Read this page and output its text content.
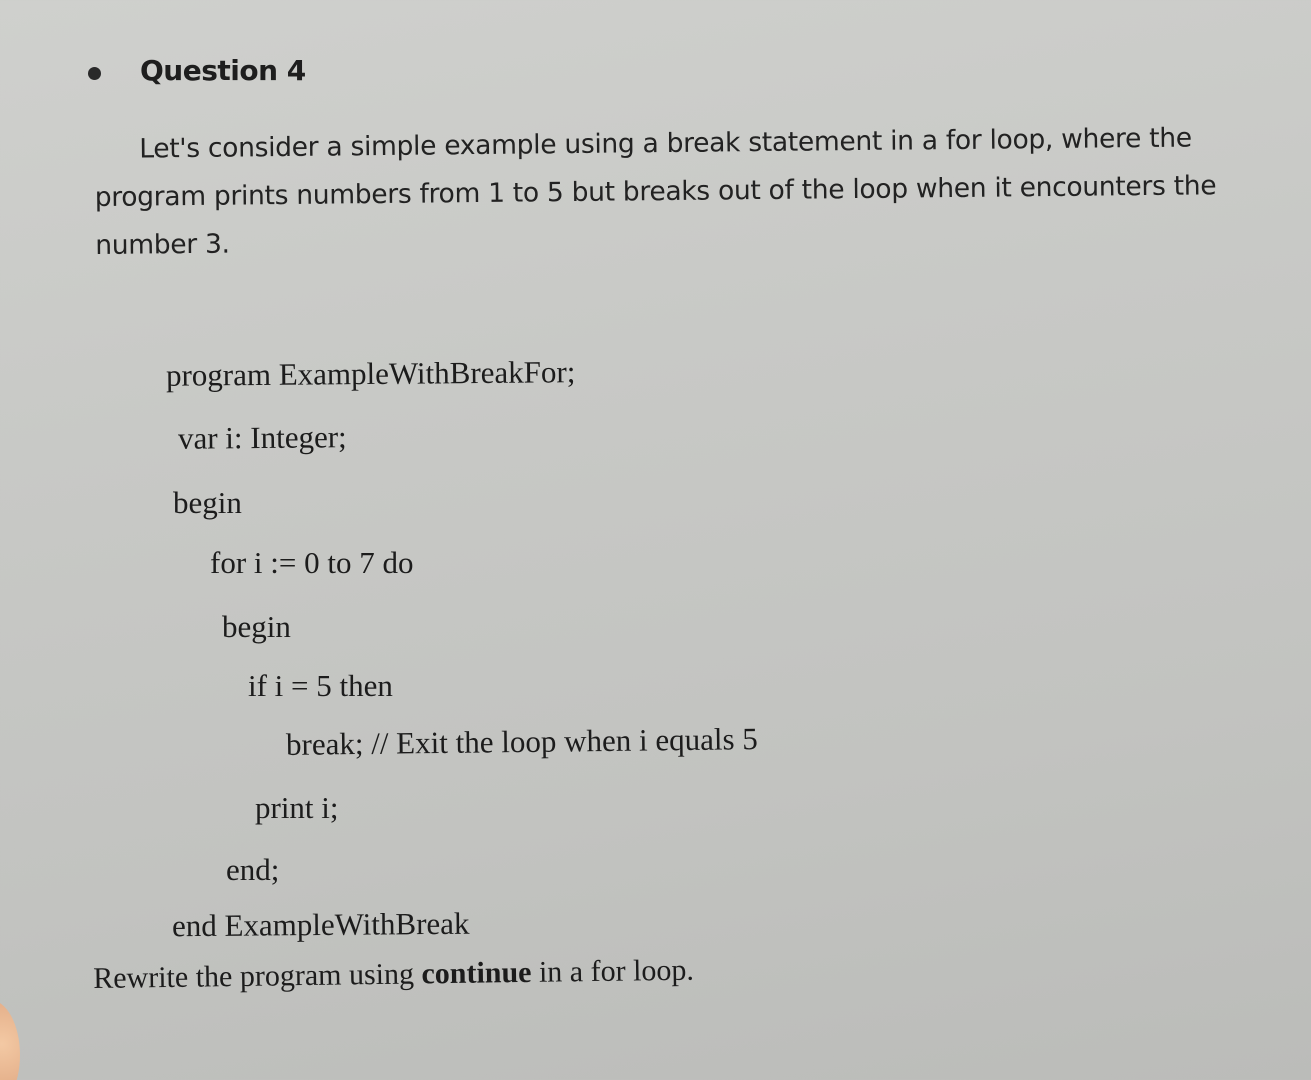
Question 4
Let's consider a simple example using a break statement in a for loop, where the program prints numbers from 1 to 5 but breaks out of the loop when it encounters the number 3.
program ExampleWithBreakFor;
var i: Integer;
begin
for i := 0 to 7 do
begin
if i = 5 then
break; // Exit the loop when i equals 5
print i;
end;
end ExampleWithBreak
Rewrite the program using continue in a for loop.
